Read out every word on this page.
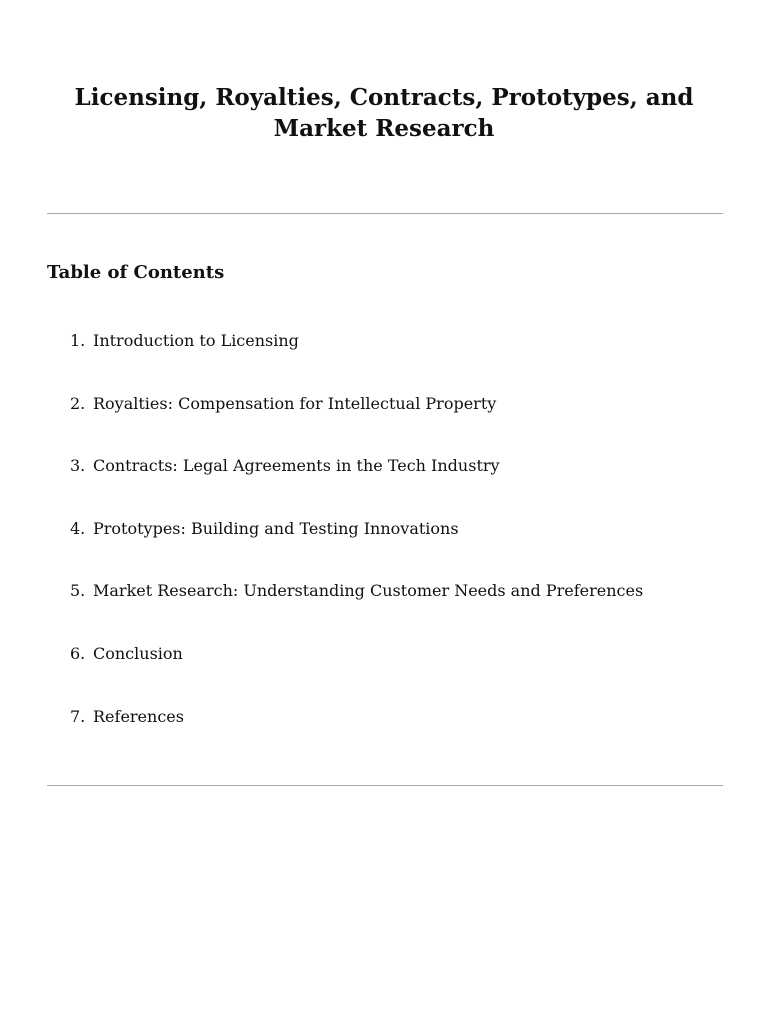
Licensing, Royalties, Contracts, Prototypes, and
Market Research
Table of Contents
1. Introduction to Licensing
2. Royalties: Compensation for Intellectual Property
3. Contracts: Legal Agreements in the Tech Industry
4. Prototypes: Building and Testing Innovations
5. Market Research: Understanding Customer Needs and Preferences
6. Conclusion
7. References
